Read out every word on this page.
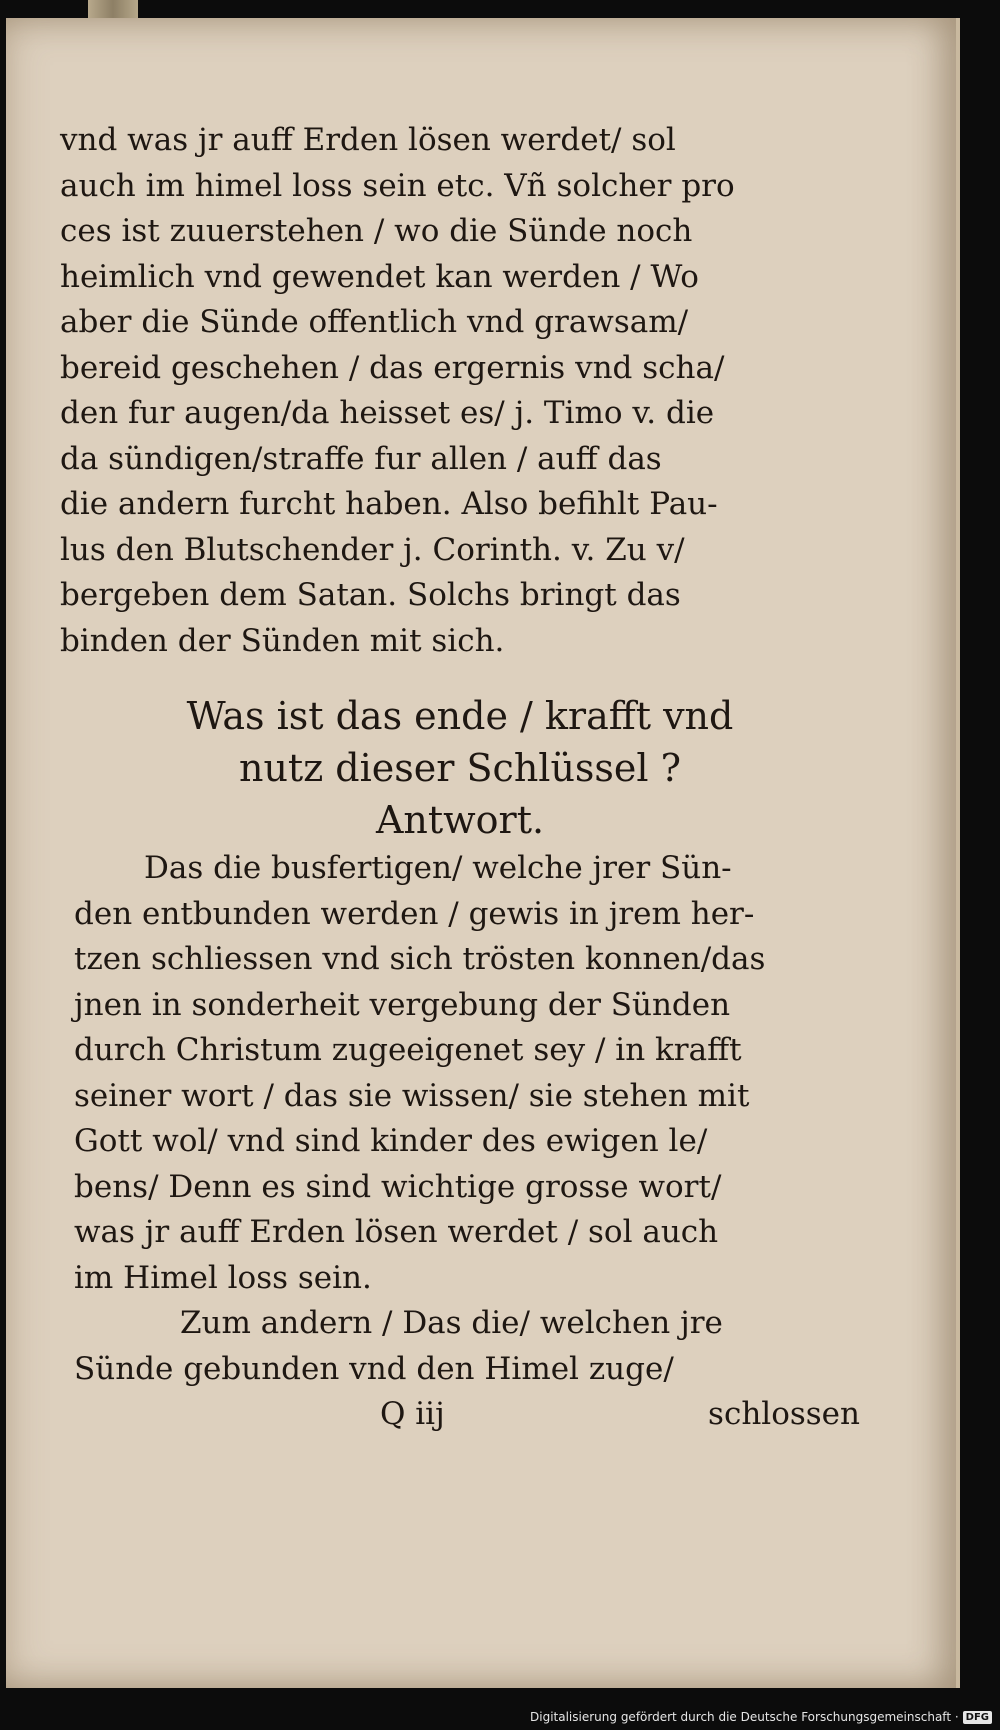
vnd was jr auff Erden lösen werdet/ sol
auch im himel loss sein etc. Vñ solcher pro
ces ist zuuerstehen / wo die Sünde noch
heimlich vnd gewendet kan werden / Wo
aber die Sünde offentlich vnd grawsam/
bereid geschehen / das ergernis vnd scha/
den fur augen/da heisset es/ j. Timo v. die
da sündigen/straffe fur allen / auff das
die andern furcht haben. Also befihlt Pau-
lus den Blutschender j. Corinth. v. Zu v/
bergeben dem Satan. Solchs bringt das
binden der Sünden mit sich.
Was ist das ende / krafft vnd
nutz dieser Schlüssel ?
Antwort.
Das die busfertigen/ welche jrer Sün-
den entbunden werden / gewis in jrem her-
tzen schliessen vnd sich trösten konnen/das
jnen in sonderheit vergebung der Sünden
durch Christum zugeeigenet sey / in krafft
seiner wort / das sie wissen/ sie stehen mit
Gott wol/ vnd sind kinder des ewigen le/
bens/ Denn es sind wichtige grosse wort/
was jr auff Erden lösen werdet / sol auch
im Himel loss sein.
Zum andern / Das die/ welchen jre
Sünde gebunden vnd den Himel zuge/
Q iij	schlossen
Digitalisierung gefördert durch die Deutsche Forschungsgemeinschaft · DFG
